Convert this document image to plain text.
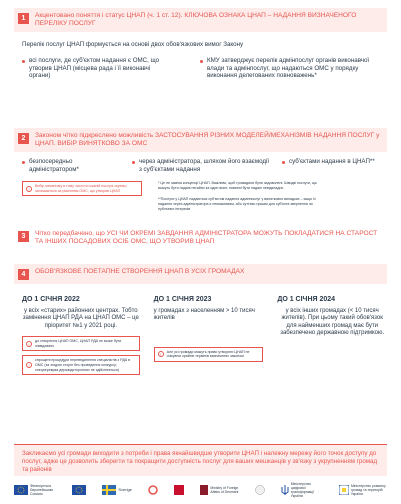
1	Акцентовано поняття і статус ЦНАП (ч. 1 ст. 12). КЛЮЧОВА ОЗНАКА ЦНАП – НАДАННЯ ВИЗНАЧЕНОГО ПЕРЕЛІКУ ПОСЛУГ
Перелік послуг ЦНАП формується на основі двох обов'язкових вимог Закону
всі послуги, де суб'єктом надання є ОМС, що утворив ЦНАП (місцева рада і її виконавчі органи)
КМУ затверджує перелік адмінпослуг органів виконавчої влади та адмінпослуг, що надаються ОМС у порядку виконання делегованих повноважень*
2	Законом чітко підкреслено можливість ЗАСТОСУВАННЯ РІЗНИХ МОДЕЛЕЙ/МЕХАНІЗМІВ НАДАННЯ ПОСЛУГ у ЦНАП. ВИБІР ВИНЯТКОВО ЗА ОМС
безпосередньо адміністратором*
через адміністратора, шляхом його взаємодії з суб'єктами надання
суб'єктами надання в ЦНАП**
!
Вибір механізму в тому числі по кожній послузі окремо, залишається за рішенням ОМС, що утворив ЦНАП
* Це не заміна концепції ЦНАП. Важливо, щоб громадяни були задоволені. Швидкі послуги, що можуть бути надані негайно за один візит, повинні бути надані невідкладно
**Послуги у ЦНАП надаються суб'єктом надання адмінпослуг у виняткових випадках – якщо їх надання через адміністратора є неможливим, або суттєво гіршим для суб'єкта звернення чи публічних інтересів
3	Чітко передбачено, що УСІ ЧИ ОКРЕМІ ЗАВДАННЯ АДМІНІСТРАТОРА МОЖУТЬ ПОКЛАДАТИСЯ НА СТАРОСТ ТА ІНШИХ ПОСАДОВИХ ОСІБ ОМС, ЩО УТВОРИВ ЦНАП
4	ОБОВ'ЯЗКОВЕ ПОЕТАПНЕ СТВОРЕННЯ ЦНАП В УСІХ ГРОМАДАХ
ДО 1 СІЧНЯ 2022
у всіх «старих» районних центрах. Тобто замінення ЦНАП РДА на ЦНАП ОМС – це пріоритет №1 у 2021 році.
!
до створення ЦНАП ОМС, ЦНАП РДА не може бути ліквідовано
!
спрощені процедури перевединення спеціалістів з РДА в ОМС (за згодою сторін без проведення конкурсу; спецпереврка держвідсторонних не здійснюється)
ДО 1 СІЧНЯ 2023
у громадах з населенням > 10 тисяч жителів
!
Але усі громади можуть право утворити ЦНАП не очікуючи крайніх термінів визначених законом
ДО 1 СІЧНЯ 2024
у всіх інших громадах (< 10 тисяч жителів). При цьому такий обов'язок для найменших громад має бути забезпечено державною підтримкою.
Закликаємо усі громади виходити з потреби і права якнайшвидше утворити ЦНАП і належну мережу його точок доступу до послуг, адже це дозволить зберегти та покращити доступність послуг для ваших мешканців у зв'язку з укрупненням громад та районів
Фінансується Європейським Союзом
Sverige	Ministry of Foreign Affairs of Denmark
Міністерство цифрової трансформації України
Міністерство розвитку громад та територій України
